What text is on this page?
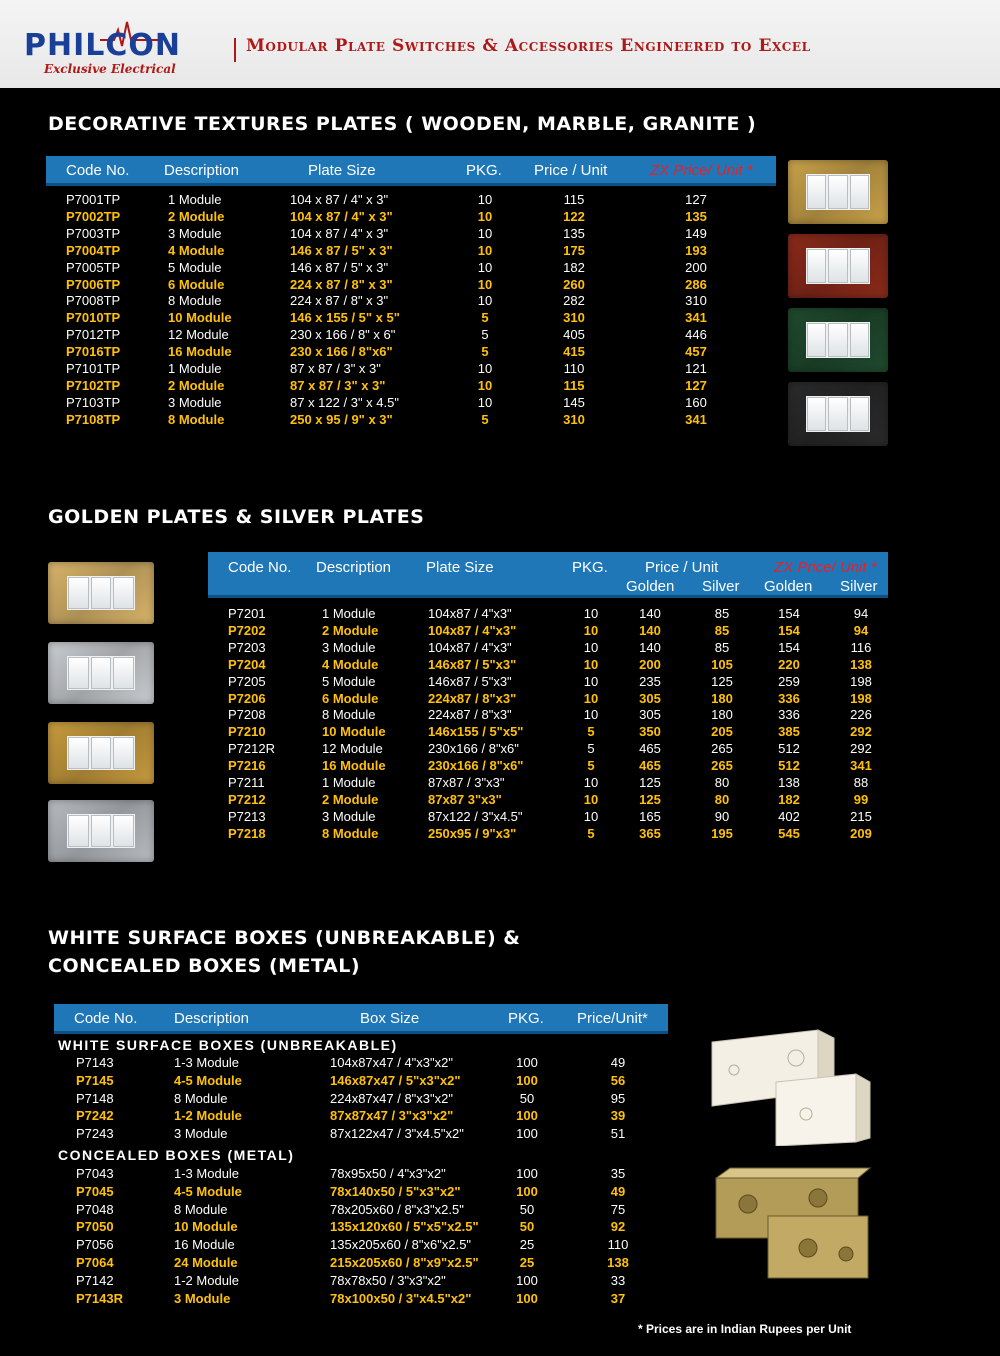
PHILCON
Exclusive Electrical
Modular Plate Switches & Accessories Engineered to Excel
DECORATIVE TEXTURES PLATES ( WOODEN, MARBLE, GRANITE )
Code No. Description	Plate Size	PKG. Price / Unit	ZX Price/ Unit *
P7001TP	1 Module	104 x 87 / 4" x 3"	10	115	127
P7002TP	2 Module	104 x 87 / 4" x 3"	10	122	135
P7003TP	3 Module	104 x 87 / 4" x 3"	10	135	149
P7004TP	4 Module	146 x 87 / 5" x 3"	10	175	193
P7005TP	5 Module	146 x 87 / 5" x 3"	10	182	200
P7006TP	6 Module	224 x 87 / 8" x 3"	10	260	286
P7008TP	8 Module	224 x 87 / 8" x 3"	10	282	310
P7010TP	10 Module	146 x 155 / 5" x 5"	5	310	341
P7012TP	12 Module	230 x 166 / 8" x 6"	5	405	446
P7016TP	16 Module	230 x 166 / 8"x6"	5	415	457
P7101TP	1 Module	87 x 87 / 3" x 3"	10	110	121
P7102TP	2 Module	87 x 87 / 3" x 3"	10	115	127
P7103TP	3 Module	87 x 122 / 3" x 4.5"	10	145	160
P7108TP	8 Module	250 x 95 / 9" x 3"	5	310	341
GOLDEN PLATES & SILVER PLATES
Code No. Description Plate Size	PKG. Price / Unit	ZX Price/ Unit *
Golden Silver Golden Silver
P7201	1 Module	104x87 / 4"x3"	10	140	85	154	94
P7202	2 Module	104x87 / 4"x3"	10	140	85	154	94
P7203	3 Module	104x87 / 4"x3"	10	140	85	154	116
P7204	4 Module	146x87 / 5"x3"	10	200	105	220	138
P7205	5 Module	146x87 / 5"x3"	10	235	125	259	198
P7206	6 Module	224x87 / 8"x3"	10	305	180	336	198
P7208	8 Module	224x87 / 8"x3"	10	305	180	336	226
P7210	10 Module	146x155 / 5"x5"	5	350	205	385	292
P7212R	12 Module	230x166 / 8"x6"	5	465	265	512	292
P7216	16 Module	230x166 / 8"x6"	5	465	265	512	341
P7211	1 Module	87x87 / 3"x3"	10	125	80	138	88
P7212	2 Module	87x87 3"x3"	10	125	80	182	99
P7213	3 Module	87x122 / 3"x4.5"	10	165	90	402	215
P7218	8 Module	250x95 / 9"x3"	5	365	195	545	209
WHITE SURFACE BOXES (UNBREAKABLE) &
CONCEALED BOXES (METAL)
Code No. Description	Box Size	PKG. Price/Unit*
WHITE SURFACE BOXES (UNBREAKABLE)
P7143	1-3 Module	104x87x47 / 4"x3"x2"	100	49
P7145	4-5 Module	146x87x47 / 5"x3"x2"	100	56
P7148	8 Module	224x87x47 / 8"x3"x2"	50	95
P7242	1-2 Module	87x87x47 / 3"x3"x2"	100	39
P7243	3 Module	87x122x47 / 3"x4.5"x2"	100	51
CONCEALED BOXES (METAL)
P7043	1-3 Module	78x95x50 / 4"x3"x2"	100	35
P7045	4-5 Module	78x140x50 / 5"x3"x2"	100	49
P7048	8 Module	78x205x60 / 8"x3"x2.5"	50	75
P7050	10 Module	135x120x60 / 5"x5"x2.5"	50	92
P7056	16 Module	135x205x60 / 8"x6"x2.5"	25	110
P7064	24 Module	215x205x60 / 8"x9"x2.5"	25	138
P7142	1-2 Module	78x78x50 / 3"x3"x2"	100	33
P7143R	3 Module	78x100x50 / 3"x4.5"x2"	100	37
* Prices are in Indian Rupees per Unit
